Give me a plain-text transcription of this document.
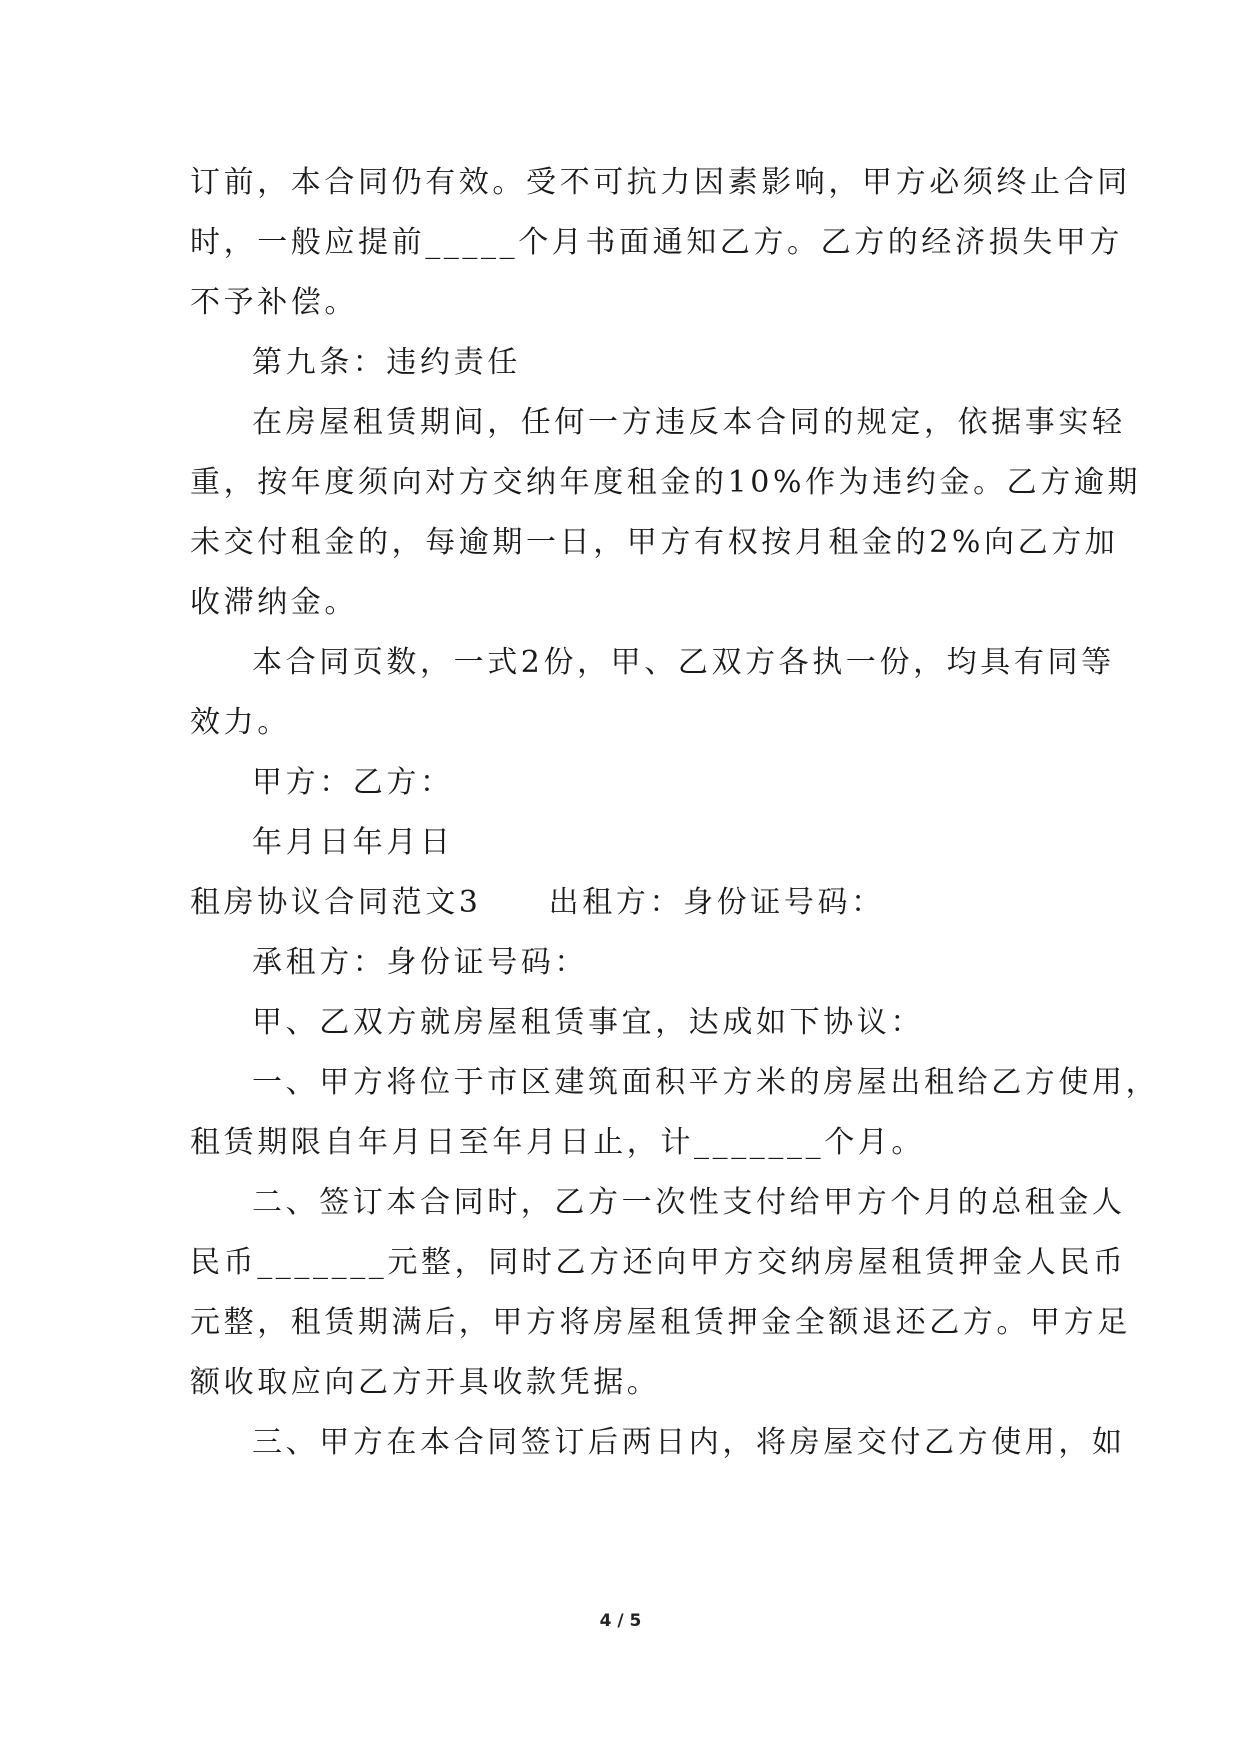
订前，本合同仍有效。受不可抗力因素影响，甲方必须终止合同
时，一般应提前_____个月书面通知乙方。乙方的经济损失甲方
不予补偿。
第九条：违约责任
在房屋租赁期间，任何一方违反本合同的规定，依据事实轻
重，按年度须向对方交纳年度租金的10%作为违约金。乙方逾期
未交付租金的，每逾期一日，甲方有权按月租金的2%向乙方加
收滞纳金。
本合同页数，一式2份，甲、乙双方各执一份，均具有同等
效力。
甲方：乙方：
年月日年月日
租房协议合同范文3　　出租方：身份证号码：
承租方：身份证号码：
甲、乙双方就房屋租赁事宜，达成如下协议：
一、甲方将位于市区建筑面积平方米的房屋出租给乙方使用，
租赁期限自年月日至年月日止，计_______个月。
二、签订本合同时，乙方一次性支付给甲方个月的总租金人
民币_______元整，同时乙方还向甲方交纳房屋租赁押金人民币
元整，租赁期满后，甲方将房屋租赁押金全额退还乙方。甲方足
额收取应向乙方开具收款凭据。
三、甲方在本合同签订后两日内，将房屋交付乙方使用，如
4 / 5
